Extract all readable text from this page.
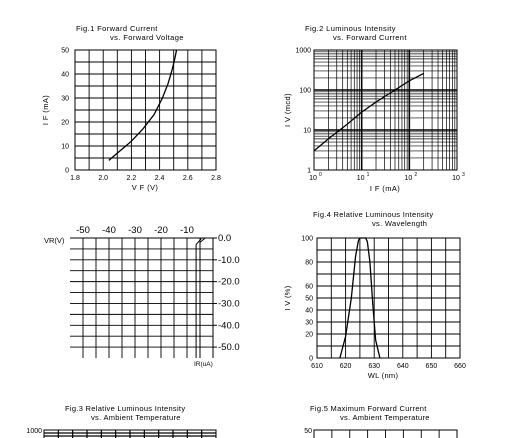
Fig.1 Forward Current
vs. Forward Voltage
1.8	2.0	2.2	2.4	2.6	2.8
0
10
20
30
40
50
V F (V)
I F (mA)
Fig.2 Luminous Intensity
vs. Forward Current
10 0	10 1	10 2	10 3
1
10
100
1000
I F (mA)
I V (mcd)
-50 -40 -30 -20 -10
0.0
-10.0
-20.0
-30.0
-40.0
-50.0
VR(V)
IR(uA)
Fig.4 Relative Luminous Intensity
vs. Wavelength
610 620 630 640 650 660
0
20
30
40
50
60
80
100
WL (nm)
I V (%)
Fig.3 Relative Luminous Intensity
vs. Ambient Temperature
1000
Fig.5 Maximum Forward Current
vs. Ambient Temperature
50
